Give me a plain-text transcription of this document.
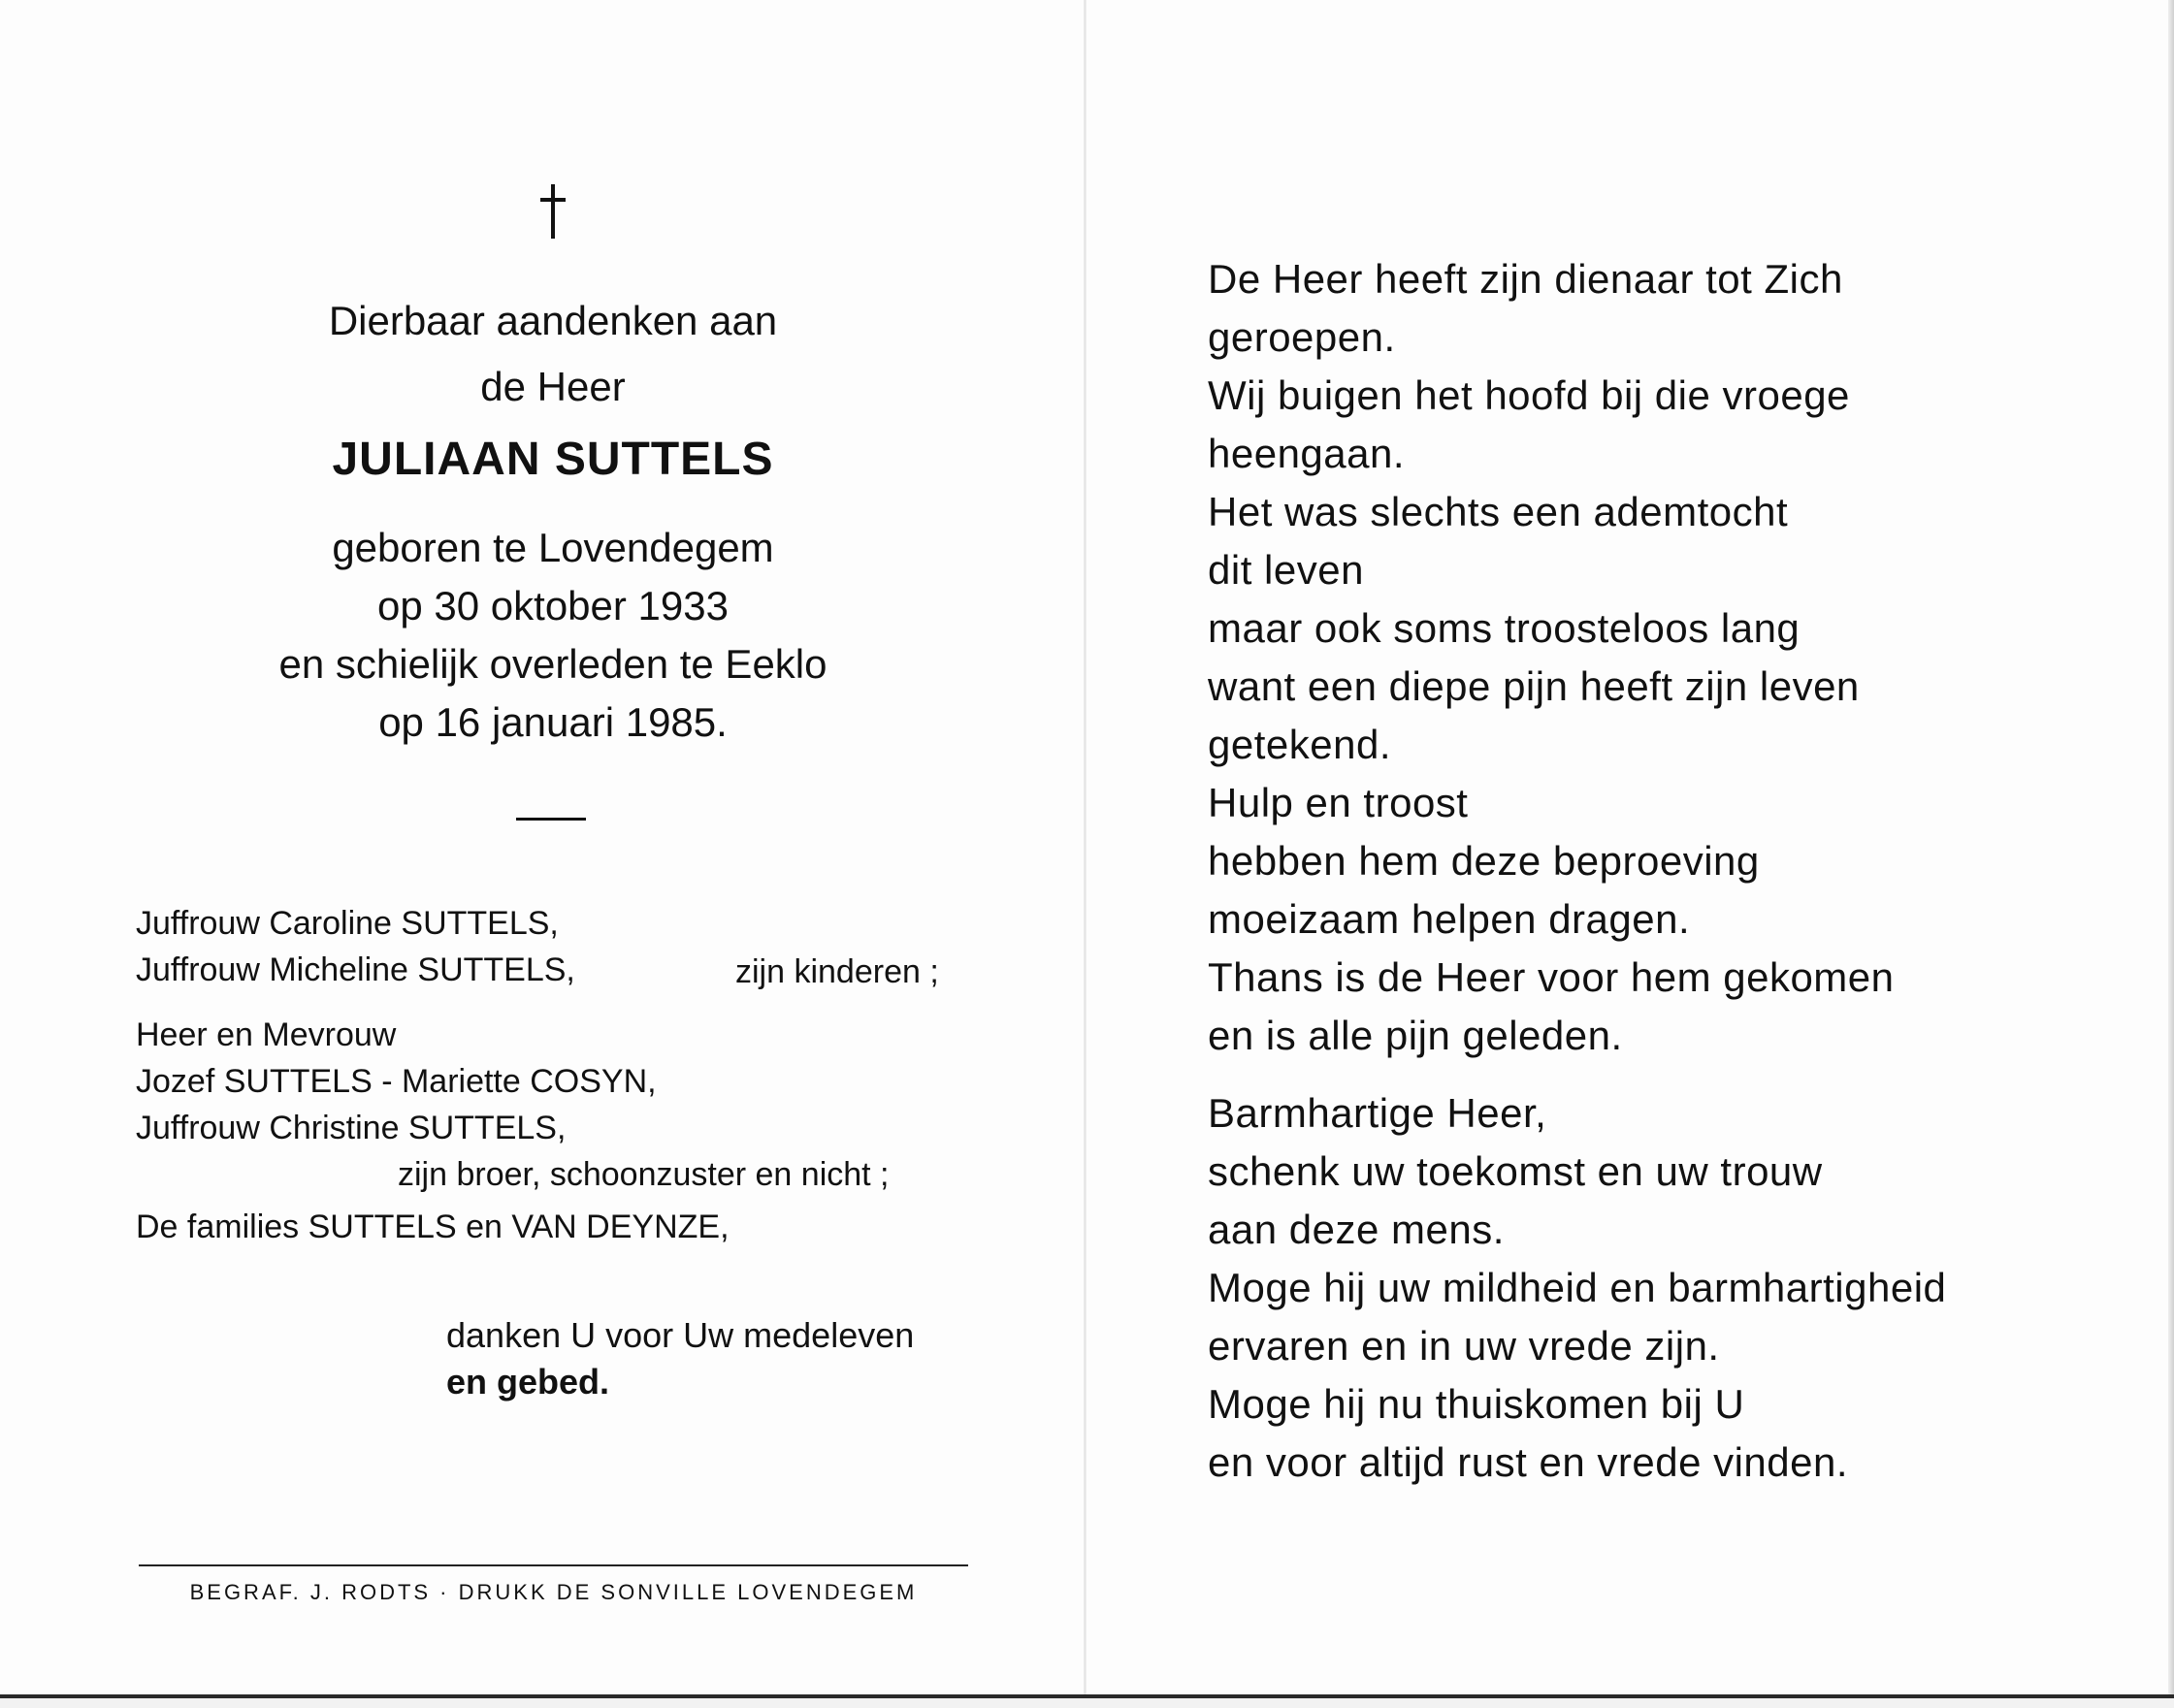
Dierbaar aandenken aan
de Heer
JULIAAN SUTTELS
geboren te Lovendegem
op 30 oktober 1933
en schielijk overleden te Eeklo
op 16 januari 1985.
Juffrouw Caroline SUTTELS,
Juffrouw Micheline SUTTELS,	zijn kinderen ;
Heer en Mevrouw
Jozef SUTTELS - Mariette COSYN,
Juffrouw Christine SUTTELS,
zijn broer, schoonzuster en nicht ;
De families SUTTELS en VAN DEYNZE,
danken U voor Uw medeleven
en gebed.
BEGRAF. J. RODTS · DRUKK DE SONVILLE LOVENDEGEM
De Heer heeft zijn dienaar tot Zich
geroepen.
Wij buigen het hoofd bij die vroege
heengaan.
Het was slechts een ademtocht
dit leven
maar ook soms troosteloos lang
want een diepe pijn heeft zijn leven
getekend.
Hulp en troost
hebben hem deze beproeving
moeizaam helpen dragen.
Thans is de Heer voor hem gekomen
en is alle pijn geleden.
Barmhartige Heer,
schenk uw toekomst en uw trouw
aan deze mens.
Moge hij uw mildheid en barmhartigheid
ervaren en in uw vrede zijn.
Moge hij nu thuiskomen bij U
en voor altijd rust en vrede vinden.
